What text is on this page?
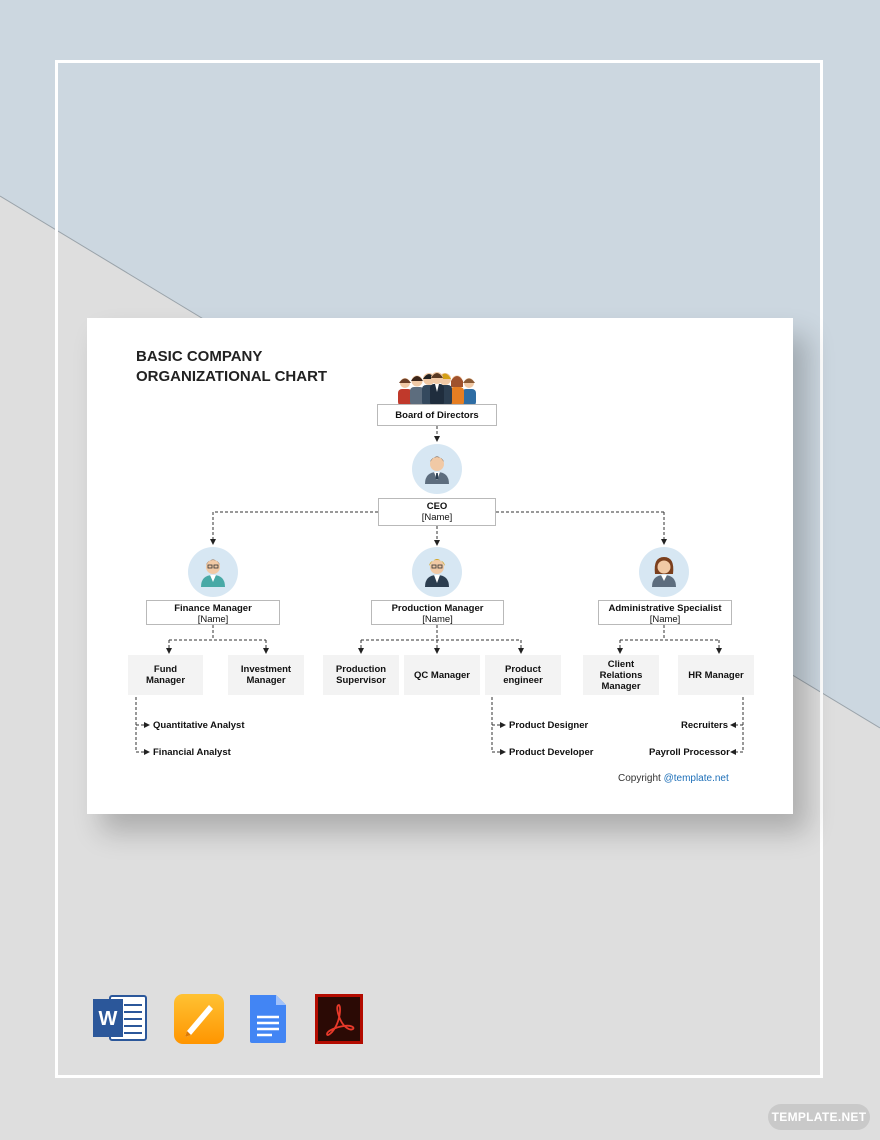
BASIC COMPANY
ORGANIZATIONAL CHART
Board of Directors
CEO
[Name]
Finance Manager
[Name]
Production Manager
[Name]
Administrative Specialist
[Name]
Fund Manager
Investment Manager
Production Supervisor	QC Manager	Product engineer
Client Relations Manager
HR Manager
Quantitative Analyst
Financial Analyst
Product Designer
Product Developer
Recruiters
Payroll Processor
Copyright @template.net
W
TEMPLATE.NET
